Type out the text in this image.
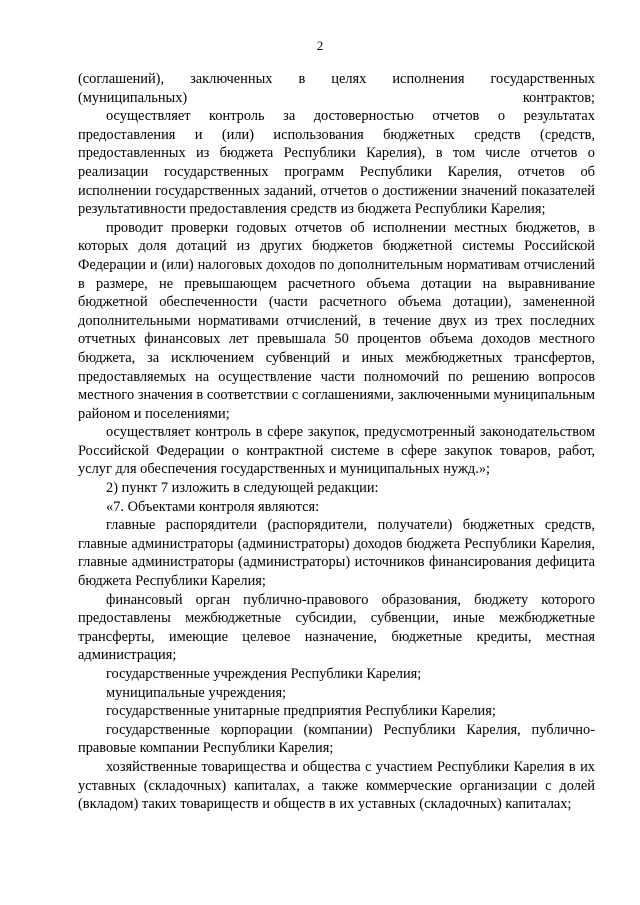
2

(соглашений), заключенных в целях исполнения государственных (муниципальных) контрактов;

осуществляет контроль за достоверностью отчетов о результатах предоставления и (или) использования бюджетных средств (средств, предоставленных из бюджета Республики Карелия), в том числе отчетов о реализации государственных программ Республики Карелия, отчетов об исполнении государственных заданий, отчетов о достижении значений показателей результативности предоставления средств из бюджета Республики Карелия;

проводит проверки годовых отчетов об исполнении местных бюджетов, в которых доля дотаций из других бюджетов бюджетной системы Российской Федерации и (или) налоговых доходов по дополнительным нормативам отчислений в размере, не превышающем расчетного объема дотации на выравнивание бюджетной обеспеченности (части расчетного объема дотации), замененной дополнительными нормативами отчислений, в течение двух из трех последних отчетных финансовых лет превышала 50 процентов объема доходов местного бюджета, за исключением субвенций и иных межбюджетных трансфертов, предоставляемых на осуществление части полномочий по решению вопросов местного значения в соответствии с соглашениями, заключенными муниципальным районом и поселениями;

осуществляет контроль в сфере закупок, предусмотренный законодательством Российской Федерации о контрактной системе в сфере закупок товаров, работ, услуг для обеспечения государственных и муниципальных нужд.»;

2) пункт 7 изложить в следующей редакции:

«7. Объектами контроля являются:

главные распорядители (распорядители, получатели) бюджетных средств, главные администраторы (администраторы) доходов бюджета Республики Карелия, главные администраторы (администраторы) источников финансирования дефицита бюджета Республики Карелия;

финансовый орган публично-правового образования, бюджету которого предоставлены межбюджетные субсидии, субвенции, иные межбюджетные трансферты, имеющие целевое назначение, бюджетные кредиты, местная администрация;

государственные учреждения Республики Карелия;

муниципальные учреждения;

государственные унитарные предприятия Республики Карелия;

государственные корпорации (компании) Республики Карелия, публично-правовые компании Республики Карелия;

хозяйственные товарищества и общества с участием Республики Карелия в их уставных (складочных) капиталах, а также коммерческие организации с долей (вкладом) таких товариществ и обществ в их уставных (складочных) капиталах;
